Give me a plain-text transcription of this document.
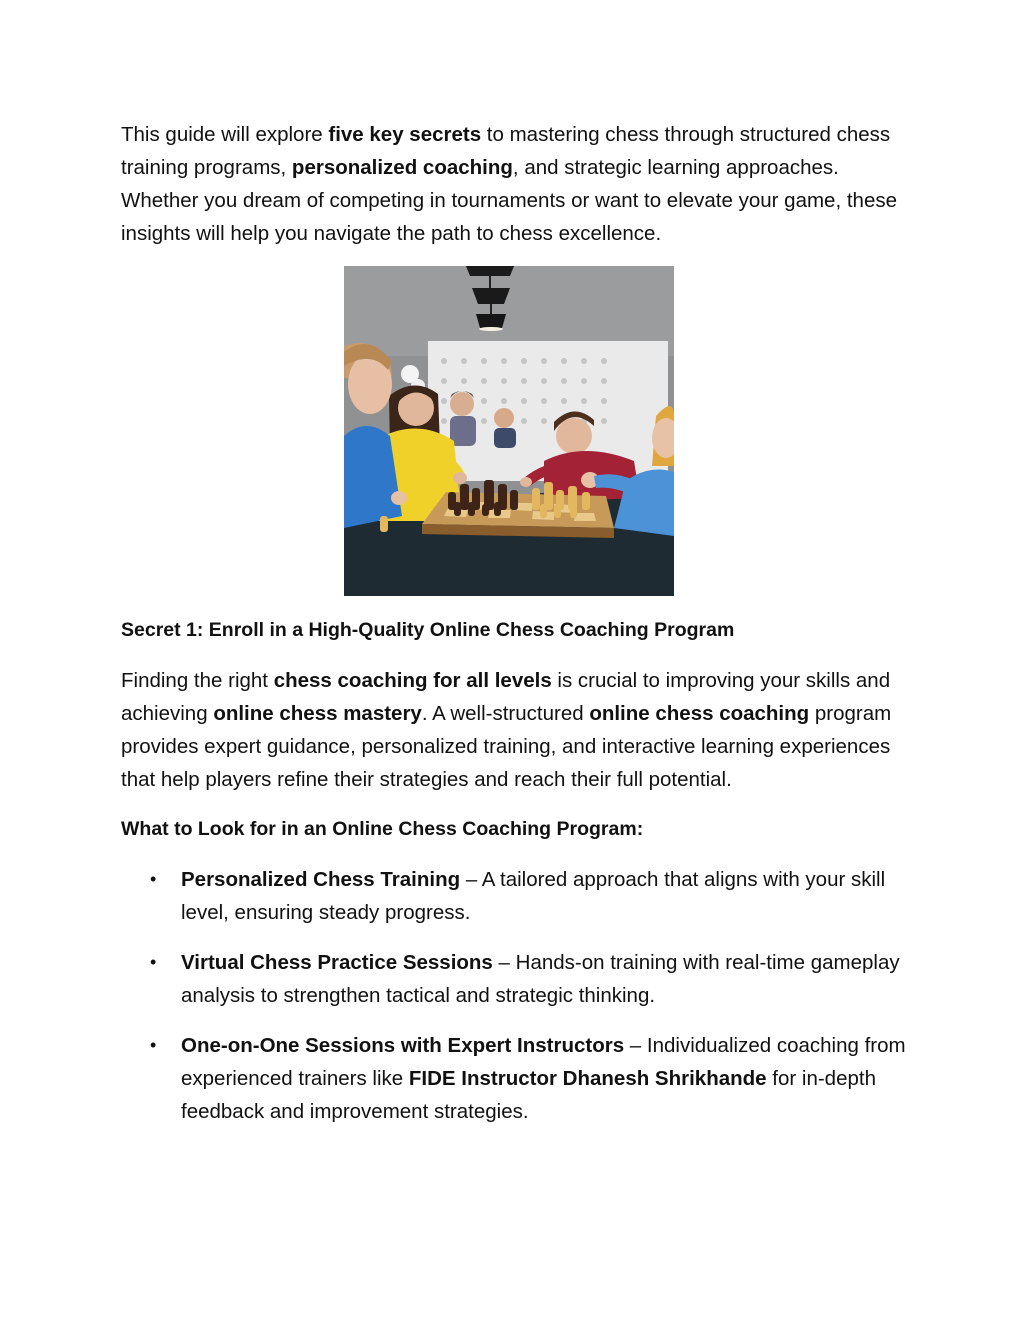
This guide will explore five key secrets to mastering chess through structured chess training programs, personalized coaching, and strategic learning approaches. Whether you dream of competing in tournaments or want to elevate your game, these insights will help you navigate the path to chess excellence.

Secret 1: Enroll in a High-Quality Online Chess Coaching Program

Finding the right chess coaching for all levels is crucial to improving your skills and achieving online chess mastery. A well-structured online chess coaching program provides expert guidance, personalized training, and interactive learning experiences that help players refine their strategies and reach their full potential.

What to Look for in an Online Chess Coaching Program:

• Personalized Chess Training – A tailored approach that aligns with your skill level, ensuring steady progress.
• Virtual Chess Practice Sessions – Hands-on training with real-time gameplay analysis to strengthen tactical and strategic thinking.
• One-on-One Sessions with Expert Instructors – Individualized coaching from experienced trainers like FIDE Instructor Dhanesh Shrikhande for in-depth feedback and improvement strategies.
